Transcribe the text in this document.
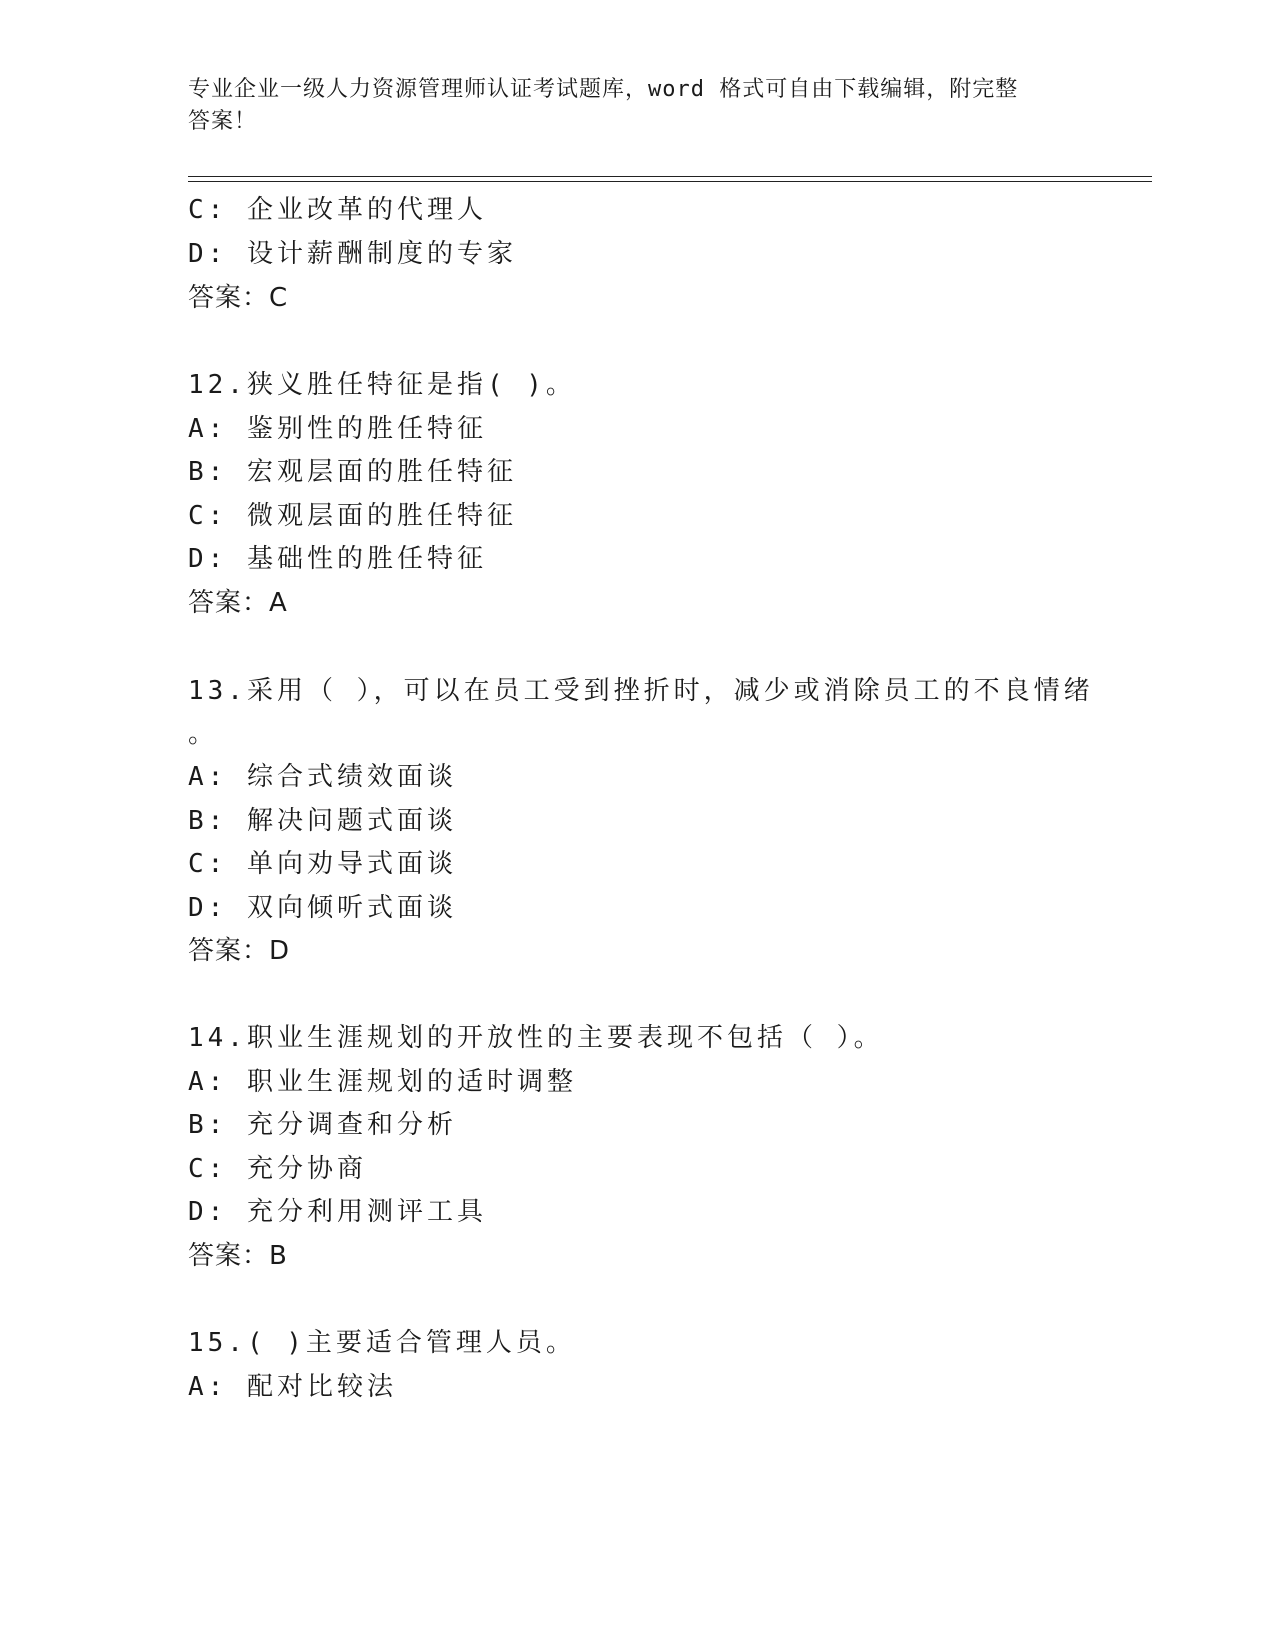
专业企业一级人力资源管理师认证考试题库，word 格式可自由下载编辑，附完整
答案！
C: 企业改革的代理人
D: 设计薪酬制度的专家
答案：C
12.狭义胜任特征是指( )。
A: 鉴别性的胜任特征
B: 宏观层面的胜任特征
C: 微观层面的胜任特征
D: 基础性的胜任特征
答案：A
13.采用（ ），可以在员工受到挫折时，减少或消除员工的不良情绪
。
A: 综合式绩效面谈
B: 解决问题式面谈
C: 单向劝导式面谈
D: 双向倾听式面谈
答案：D
14.职业生涯规划的开放性的主要表现不包括（ ）。
A: 职业生涯规划的适时调整
B: 充分调查和分析
C: 充分协商
D: 充分利用测评工具
答案：B
15.( )主要适合管理人员。
A: 配对比较法
